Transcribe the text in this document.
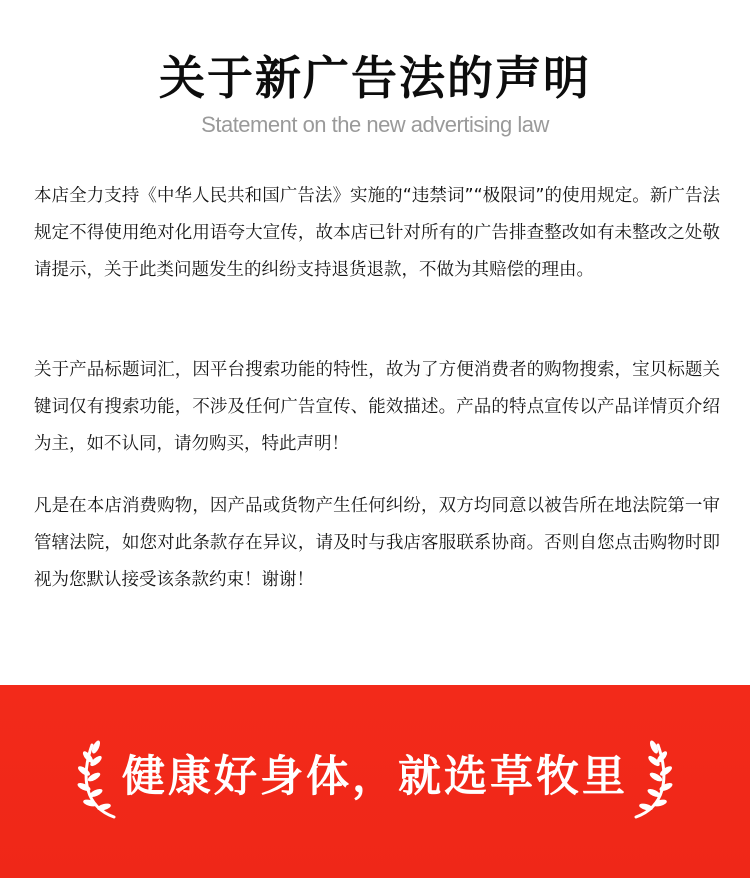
关于新广告法的声明
Statement on the new advertising law

本店全力支持《中华人民共和国广告法》实施的“违禁词”“极限词”的使用规定。新广告法规定不得使用绝对化用语夸大宣传，故本店已针对所有的广告排查整改如有未整改之处敬请提示，关于此类问题发生的纠纷支持退货退款，不做为其赔偿的理由。

关于产品标题词汇，因平台搜索功能的特性，故为了方便消费者的购物搜索，宝贝标题关键词仅有搜索功能，不涉及任何广告宣传、能效描述。产品的特点宣传以产品详情页介绍为主，如不认同，请勿购买，特此声明！

凡是在本店消费购物，因产品或货物产生任何纠纷，双方均同意以被告所在地法院第一审管辖法院，如您对此条款存在异议，请及时与我店客服联系协商。否则自您点击购物时即视为您默认接受该条款约束！谢谢！

健康好身体，就选草牧里
